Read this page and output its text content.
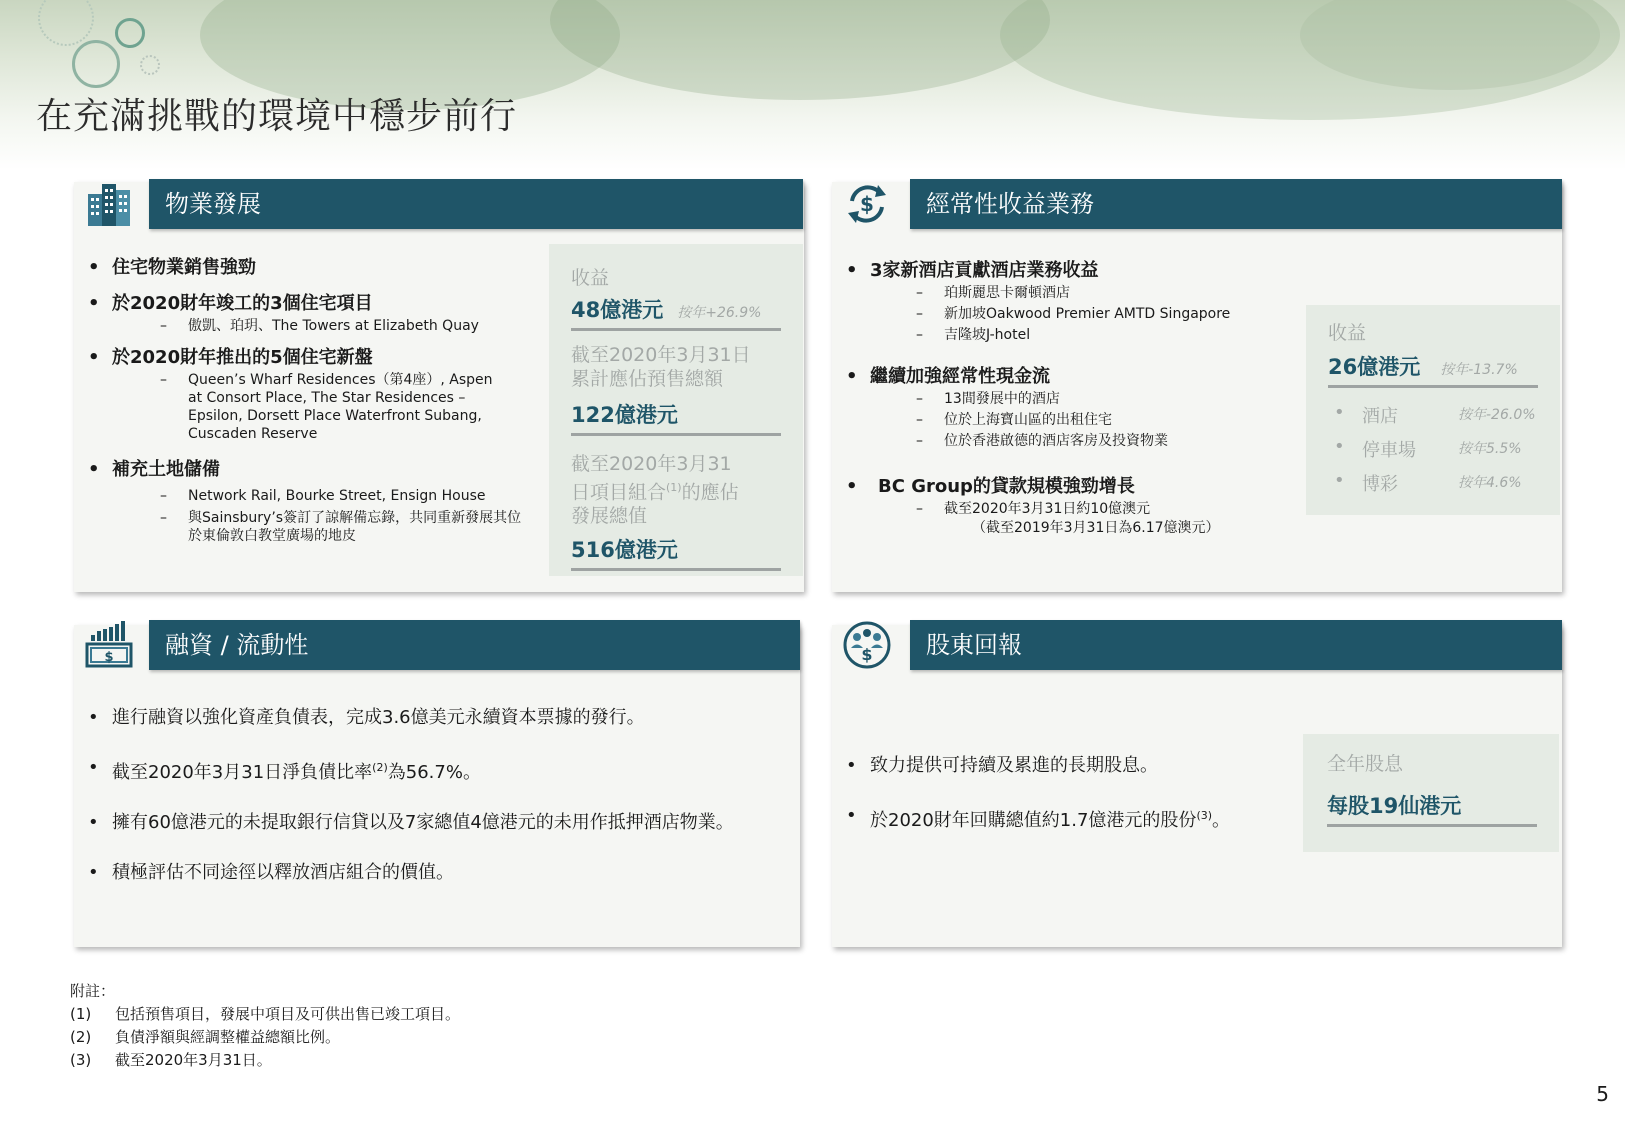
在充滿挑戰的環境中穩步前行
物業發展
• 住宅物業銷售強勁
• 於2020財年竣工的3個住宅項目
– 傲凱、珀玥、The Towers at Elizabeth Quay
• 於2020財年推出的5個住宅新盤
– Queen’s Wharf Residences（第4座）, Aspen at Consort Place, The Star Residences – Epsilon, Dorsett Place Waterfront Subang, Cuscaden Reserve
• 補充土地儲備
– Network Rail, Bourke Street, Ensign House
– 與Sainsbury’s簽訂了諒解備忘錄，共同重新發展其位於東倫敦白教堂廣場的地皮
收益
48億港元 按年+26.9%
截至2020年3月31日累計應佔預售總額
122億港元
截至2020年3月31日項目組合$^{(1)}$的應佔發展總值
516億港元
$	經常性收益業務
• 3家新酒店貢獻酒店業務收益
– 珀斯麗思卡爾頓酒店
– 新加坡Oakwood Premier AMTD Singapore
– 吉隆坡J-hotel
• 繼續加強經常性現金流
– 13間發展中的酒店
– 位於上海寶山區的出租住宅
– 位於香港啟德的酒店客房及投資物業
• BC Group的貸款規模強勁增長
– 截至2020年3月31日約10億澳元
（截至2019年3月31日為6.17億澳元）
收益
26億港元 按年-13.7%
• 酒店	按年-26.0%
• 停車場	按年5.5%
• 博彩	按年4.6%
$	融資 / 流動性
• 進行融資以強化資產負債表，完成3.6億美元永續資本票據的發行。
• 截至2020年3月31日淨負債比率$^{(2)}$為56.7%。
• 擁有60億港元的未提取銀行信貸以及7家總值4億港元的未用作抵押酒店物業。
• 積極評估不同途徑以釋放酒店組合的價值。
$	股東回報
• 致力提供可持續及累進的長期股息。
• 於2020財年回購總值約1.7億港元的股份$^{(3)}$。
全年股息
每股19仙港元
附註：
(1)	包括預售項目，發展中項目及可供出售已竣工項目。
(2)	負債淨額與經調整權益總額比例。
(3)	截至2020年3月31日。
5
